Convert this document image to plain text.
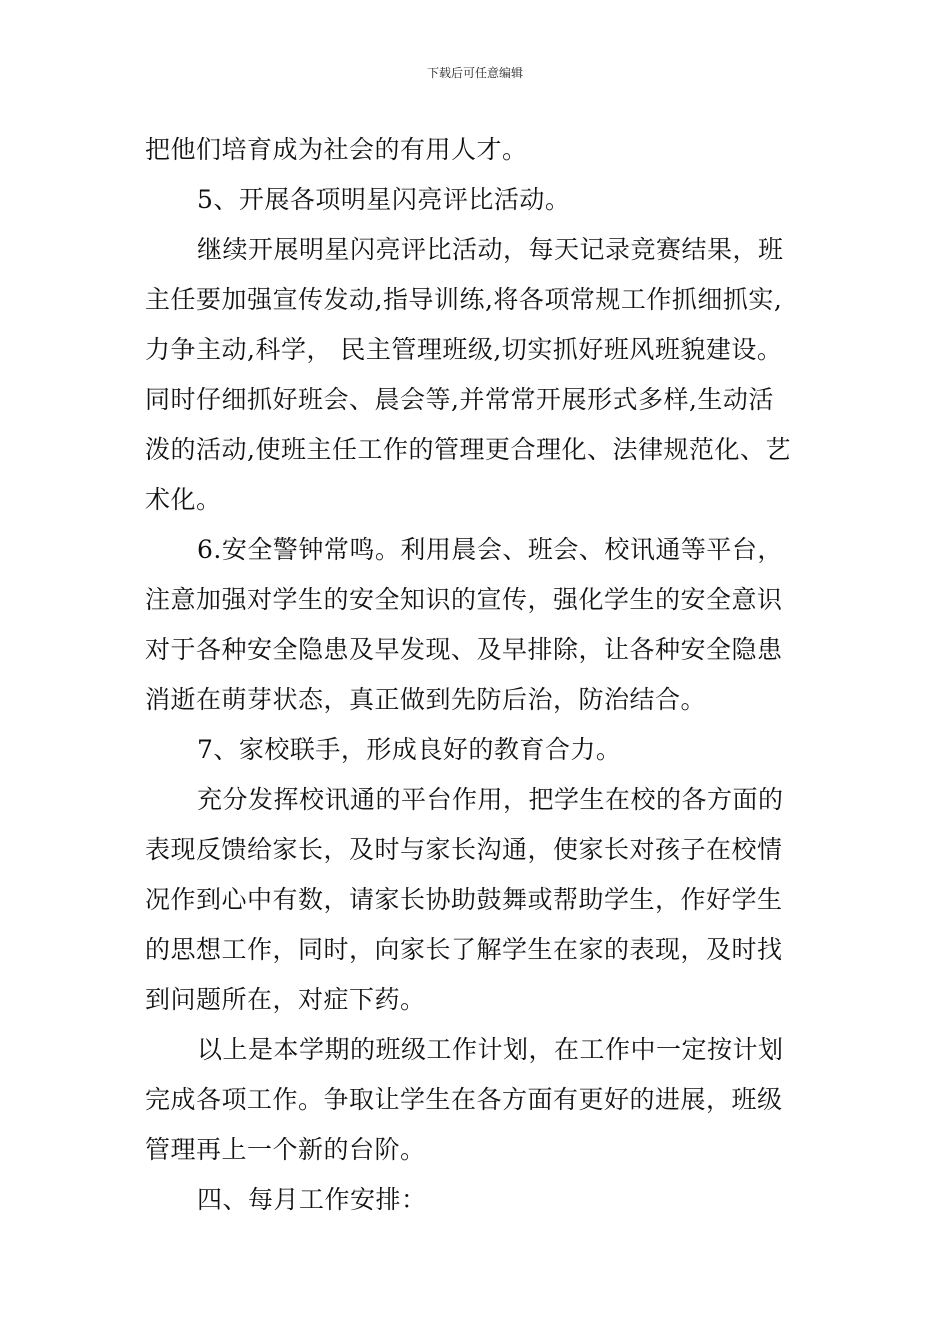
下载后可任意编辑
把他们培育成为社会的有用人才。
5、开展各项明星闪亮评比活动。
继续开展明星闪亮评比活动，每天记录竞赛结果，班
主任要加强宣传发动,指导训练,将各项常规工作抓细抓实,
力争主动,科学， 民主管理班级,切实抓好班风班貌建设。
同时仔细抓好班会、晨会等,并常常开展形式多样,生动活
泼的活动,使班主任工作的管理更合理化、法律规范化、艺
术化。
6.安全警钟常鸣。利用晨会、班会、校讯通等平台，
注意加强对学生的安全知识的宣传，强化学生的安全意识
对于各种安全隐患及早发现、及早排除，让各种安全隐患
消逝在萌芽状态，真正做到先防后治，防治结合。
7、家校联手，形成良好的教育合力。
充分发挥校讯通的平台作用，把学生在校的各方面的
表现反馈给家长，及时与家长沟通，使家长对孩子在校情
况作到心中有数，请家长协助鼓舞或帮助学生，作好学生
的思想工作，同时，向家长了解学生在家的表现，及时找
到问题所在，对症下药。
以上是本学期的班级工作计划，在工作中一定按计划
完成各项工作。争取让学生在各方面有更好的进展，班级
管理再上一个新的台阶。
四、每月工作安排：
